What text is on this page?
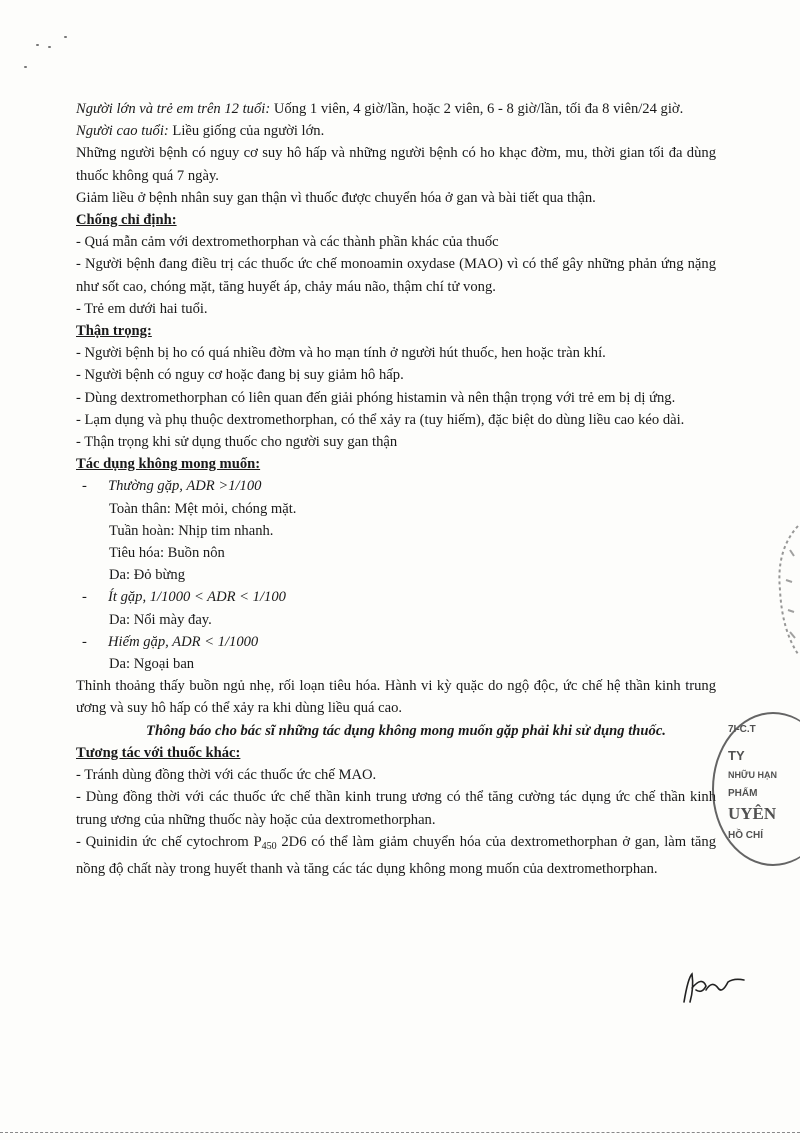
Người lớn và trẻ em trên 12 tuổi: Uống 1 viên, 4 giờ/lần, hoặc 2 viên, 6 - 8 giờ/lần, tối đa 8 viên/24 giờ.

Người cao tuổi: Liều giống của người lớn.

Những người bệnh có nguy cơ suy hô hấp và những người bệnh có ho khạc đờm, mu, thời gian tối đa dùng thuốc không quá 7 ngày.

Giảm liều ở bệnh nhân suy gan thận vì thuốc được chuyển hóa ở gan và bài tiết qua thận.

Chống chỉ định:

- Quá mẫn cảm với dextromethorphan và các thành phần khác của thuốc

- Người bệnh đang điều trị các thuốc ức chế monoamin oxydase (MAO) vì có thể gây những phản ứng nặng như sốt cao, chóng mặt, tăng huyết áp, chảy máu não, thậm chí tử vong.

- Trẻ em dưới hai tuổi.

Thận trọng:

- Người bệnh bị ho có quá nhiều đờm và ho mạn tính ở người hút thuốc, hen hoặc tràn khí.

- Người bệnh có nguy cơ hoặc đang bị suy giảm hô hấp.

- Dùng dextromethorphan có liên quan đến giải phóng histamin và nên thận trọng với trẻ em bị dị ứng.

- Lạm dụng và phụ thuộc dextromethorphan, có thể xảy ra (tuy hiếm), đặc biệt do dùng liều cao kéo dài.

- Thận trọng khi sử dụng thuốc cho người suy gan thận

Tác dụng không mong muốn:

- Thường gặp, ADR >1/100

Toàn thân: Mệt mỏi, chóng mặt.

Tuần hoàn: Nhịp tim nhanh.

Tiêu hóa: Buồn nôn

Da: Đỏ bừng

- Ít gặp, 1/1000 < ADR < 1/100

Da: Nổi mày đay.

- Hiếm gặp, ADR < 1/1000

Da: Ngoại ban

Thỉnh thoảng thấy buồn ngủ nhẹ, rối loạn tiêu hóa. Hành vi kỳ quặc do ngộ độc, ức chế hệ thần kinh trung ương và suy hô hấp có thể xảy ra khi dùng liều quá cao.

Thông báo cho bác sĩ những tác dụng không mong muốn gặp phải khi sử dụng thuốc.

Tương tác với thuốc khác:

- Tránh dùng đồng thời với các thuốc ức chế MAO.

- Dùng đồng thời với các thuốc ức chế thần kinh trung ương có thể tăng cường tác dụng ức chế thần kinh trung ương của những thuốc này hoặc của dextromethorphan.

- Quinidin ức chế cytochrom $P_{450}$ 2D6 có thể làm giảm chuyển hóa của dextromethorphan ở gan, làm tăng nồng độ chất này trong huyết thanh và tăng các tác dụng không mong muốn của dextromethorphan.

7I-C.T
TY
NHỮU HẠN
PHẨM
UYÊN
HỒ CHÍ
